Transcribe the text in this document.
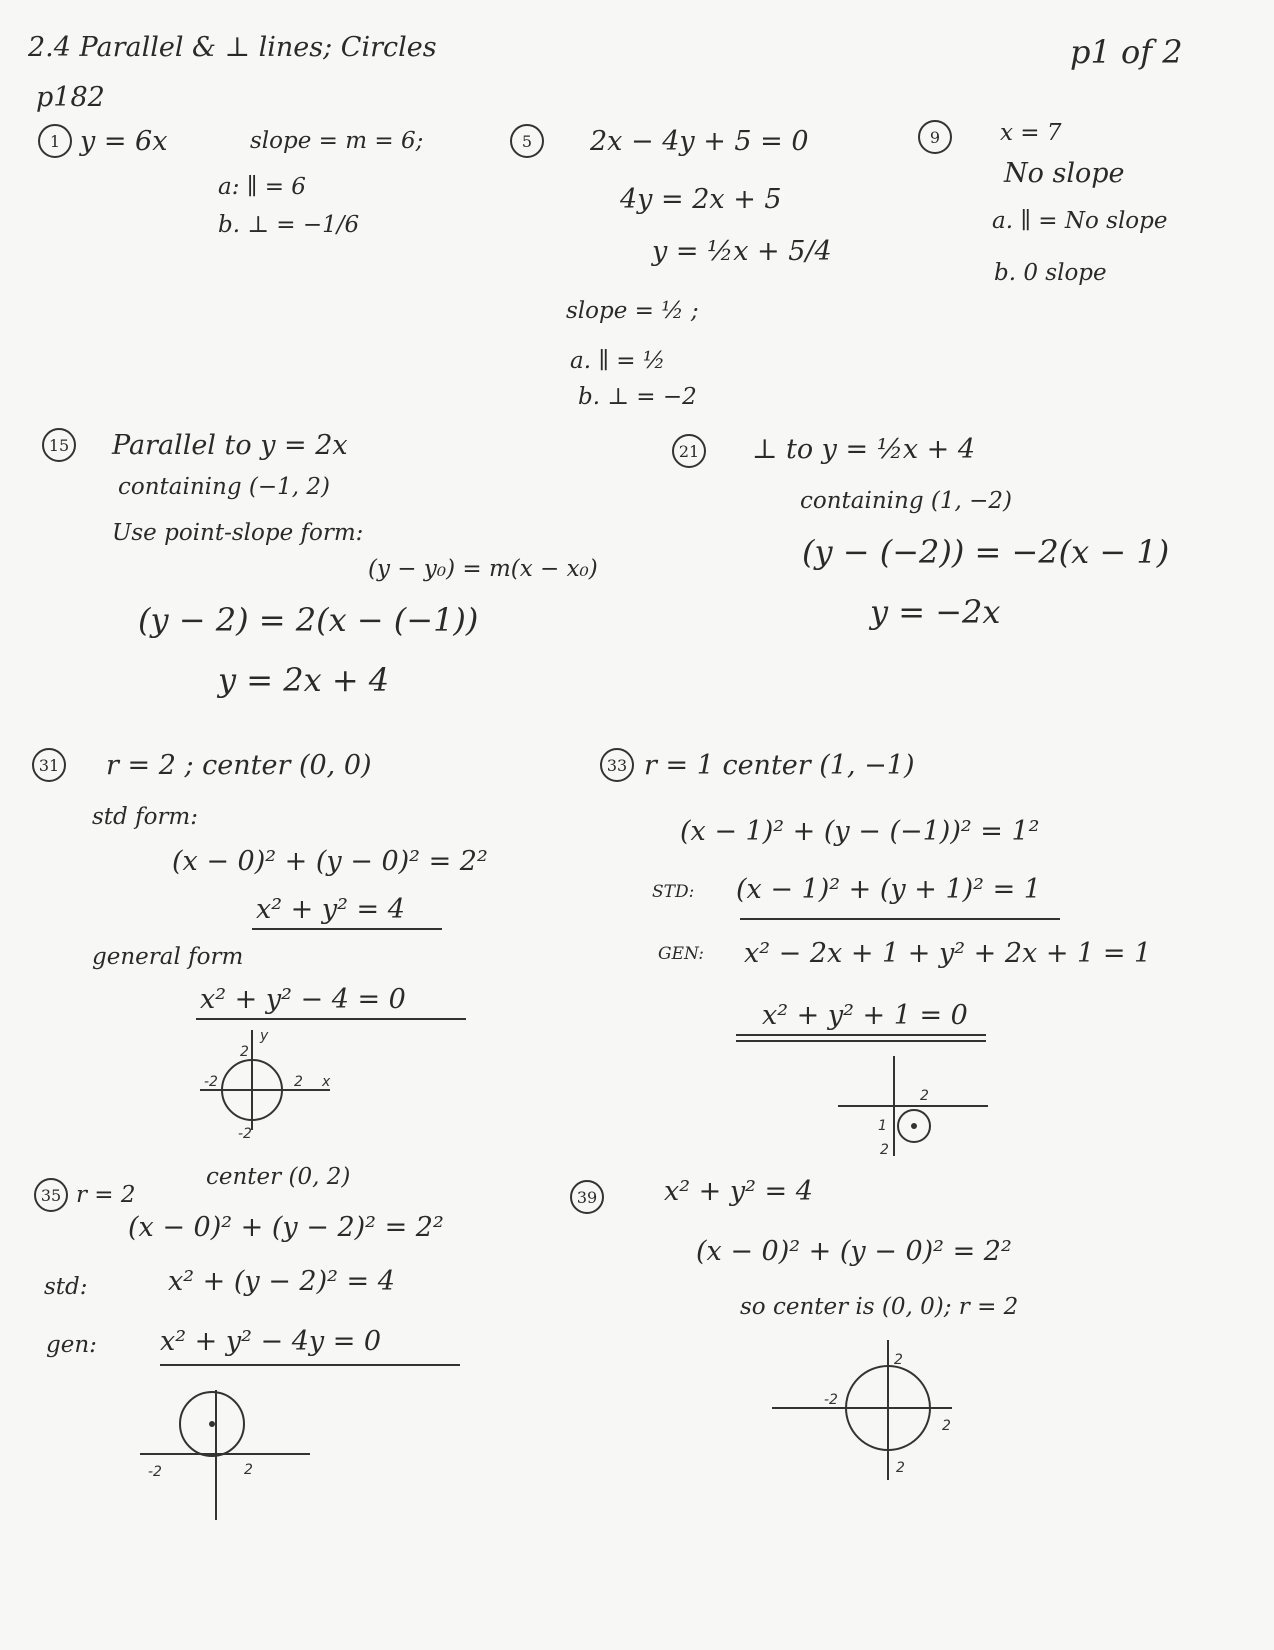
2.4 Parallel & ⊥ lines; Circles
p182
p1 of 2
1 y = 6x	slope = m = 6;
a: ∥ = 6
b. ⊥ = −1/6
5	2x − 4y + 5 = 0
4y = 2x + 5
y = ½x + 5/4
slope = ½ ;
a. ∥ = ½
b. ⊥ = −2
9	x = 7
No slope
a. ∥ = No slope
b. 0 slope
15 Parallel to y = 2x
containing (−1, 2)
Use point-slope form:
(y − y₀) = m(x − x₀)
(y − 2) = 2(x − (−1))
y = 2x + 4
21 ⊥ to y = ½x + 4
containing (1, −2)
(y − (−2)) = −2(x − 1)
y = −2x
31 r = 2 ; center (0, 0)
std form:
(x − 0)² + (y − 0)² = 2²
x² + y² = 4
general form
x² + y² − 4 = 0
x
y
2
2
-2
-2
33 r = 1 center (1, −1)
(x − 1)² + (y − (−1))² = 1²
STD: (x − 1)² + (y + 1)² = 1
GEN: x² − 2x + 1 + y² + 2x + 1 = 1
x² + y² + 1 = 0
1
2
2
35 r = 2
center (0, 2)
(x − 0)² + (y − 2)² = 2²
std:	x² + (y − 2)² = 4
gen: x² + y² − 4y = 0
-2	2
39 x² + y² = 4
(x − 0)² + (y − 0)² = 2²
so center is (0, 0); r = 2
2
-2
2
2
